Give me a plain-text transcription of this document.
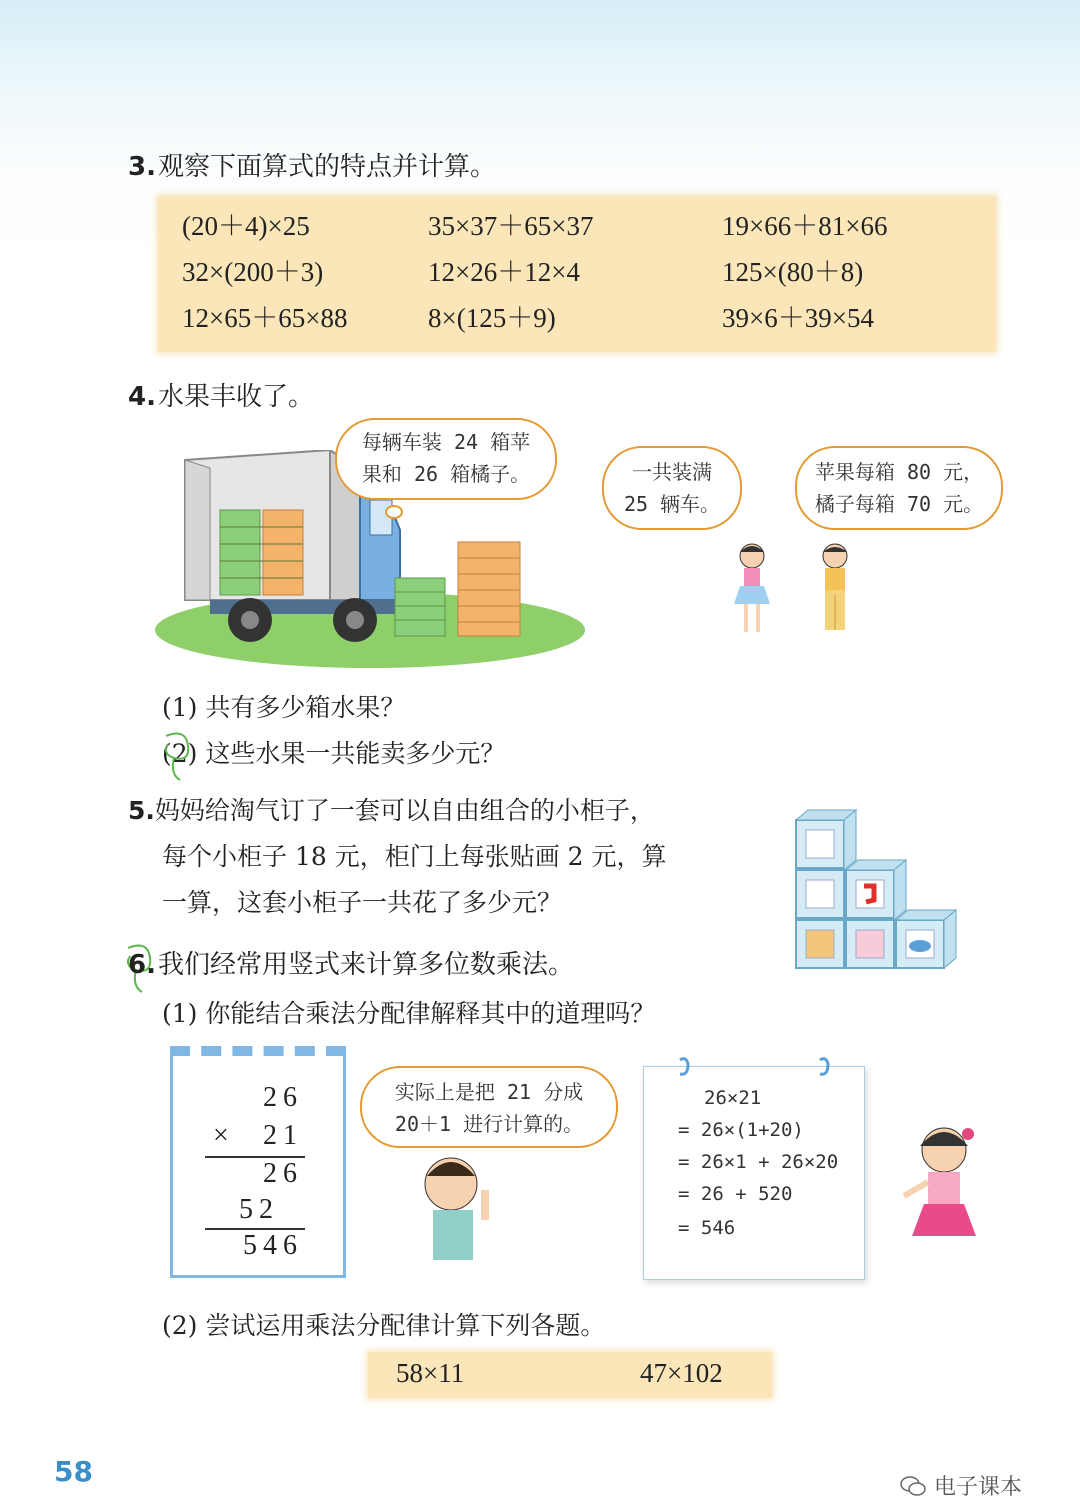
3.观察下面算式的特点并计算。
(20＋4)×25	35×37＋65×37	19×66＋81×66
32×(200＋3)	12×26＋12×4	125×(80＋8)
12×65＋65×88	8×(125＋9)	39×6＋39×54
4.水果丰收了。
每辆车装 24 箱苹
果和 26 箱橘子。	一共装满
25 辆车。
苹果每箱 80 元，
橘子每箱 70 元。
(1) 共有多少箱水果？
(2) 这些水果一共能卖多少元？
5.妈妈给淘气订了一套可以自由组合的小柜子，
每个小柜子 18 元，柜门上每张贴画 2 元，算
一算，这套小柜子一共花了多少元？
6.我们经常用竖式来计算多位数乘法。
(1) 你能结合乘法分配律解释其中的道理吗？
26
× 21
26
52
546
实际上是把 21 分成
20＋1 进行计算的。
26×21
= 26×(1+20)
= 26×1 + 26×20
= 26 + 520
= 546
(2) 尝试运用乘法分配律计算下列各题。
58×11	47×102
58	电子课本
